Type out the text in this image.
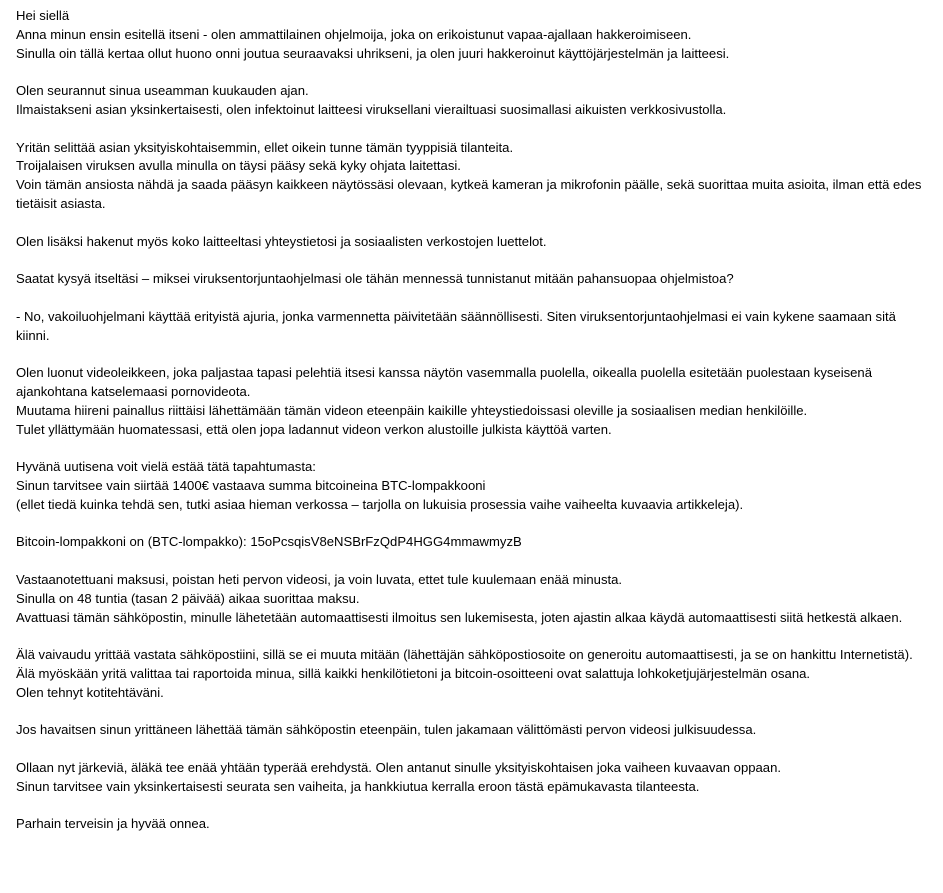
Hei siellä
Anna minun ensin esitellä itseni - olen ammattilainen ohjelmoija, joka on erikoistunut vapaa-ajallaan hakkeroimiseen.
Sinulla oin tällä kertaa ollut huono onni joutua seuraavaksi uhrikseni, ja olen juuri hakkeroinut käyttöjärjestelmän ja laitteesi.
Olen seurannut sinua useamman kuukauden ajan.
Ilmaistakseni asian yksinkertaisesti, olen infektoinut laitteesi viruksellani vierailtuasi suosimallasi aikuisten verkkosivustolla.
Yritän selittää asian yksityiskohtaisemmin, ellet oikein tunne tämän tyyppisiä tilanteita.
Troijalaisen viruksen avulla minulla on täysi pääsy sekä kyky ohjata laitettasi.
Voin tämän ansiosta nähdä ja saada pääsyn kaikkeen näytössäsi olevaan, kytkeä kameran ja mikrofonin päälle, sekä suorittaa muita asioita, ilman että edes tietäisit asiasta.
Olen lisäksi hakenut myös koko laitteeltasi yhteystietosi ja sosiaalisten verkostojen luettelot.
Saatat kysyä itseltäsi – miksei viruksentorjuntaohjelmasi ole tähän mennessä tunnistanut mitään pahansuopaa ohjelmistoa?
- No, vakoiluohjelmani käyttää erityistä ajuria, jonka varmennetta päivitetään säännöllisesti. Siten viruksentorjuntaohjelmasi ei vain kykene saamaan sitä kiinni.
Olen luonut videoleikkeen, joka paljastaa tapasi pelehtiä itsesi kanssa näytön vasemmalla puolella, oikealla puolella esitetään puolestaan kyseisenä ajankohtana katselemaasi pornovideota.
Muutama hiireni painallus riittäisi lähettämään tämän videon eteenpäin kaikille yhteystiedoissasi oleville ja sosiaalisen median henkilöille.
Tulet yllättymään huomatessasi, että olen jopa ladannut videon verkon alustoille julkista käyttöä varten.
Hyvänä uutisena voit vielä estää tätä tapahtumasta:
Sinun tarvitsee vain siirtää 1400€ vastaava summa bitcoineina BTC-lompakkooni
(ellet tiedä kuinka tehdä sen, tutki asiaa hieman verkossa – tarjolla on lukuisia prosessia vaihe vaiheelta kuvaavia artikkeleja).
Bitcoin-lompakkoni on (BTC-lompakko): 15oPcsqisV8eNSBrFzQdP4HGG4mmawmyzB
Vastaanotettuani maksusi, poistan heti pervon videosi, ja voin luvata, ettet tule kuulemaan enää minusta.
Sinulla on 48 tuntia (tasan 2 päivää) aikaa suorittaa maksu.
Avattuasi tämän sähköpostin, minulle lähetetään automaattisesti ilmoitus sen lukemisesta, joten ajastin alkaa käydä automaattisesti siitä hetkestä alkaen.
Älä vaivaudu yrittää vastata sähköpostiini, sillä se ei muuta mitään (lähettäjän sähköpostiosoite on generoitu automaattisesti, ja se on hankittu Internetistä).
Älä myöskään yritä valittaa tai raportoida minua, sillä kaikki henkilötietoni ja bitcoin-osoitteeni ovat salattuja lohkoketjujärjestelmän osana.
Olen tehnyt kotitehtäväni.
Jos havaitsen sinun yrittäneen lähettää tämän sähköpostin eteenpäin, tulen jakamaan välittömästi pervon videosi julkisuudessa.
Ollaan nyt järkeviä, äläkä tee enää yhtään typerää erehdystä. Olen antanut sinulle yksityiskohtaisen joka vaiheen kuvaavan oppaan.
Sinun tarvitsee vain yksinkertaisesti seurata sen vaiheita, ja hankkiutua kerralla eroon tästä epämukavasta tilanteesta.
Parhain terveisin ja hyvää onnea.
